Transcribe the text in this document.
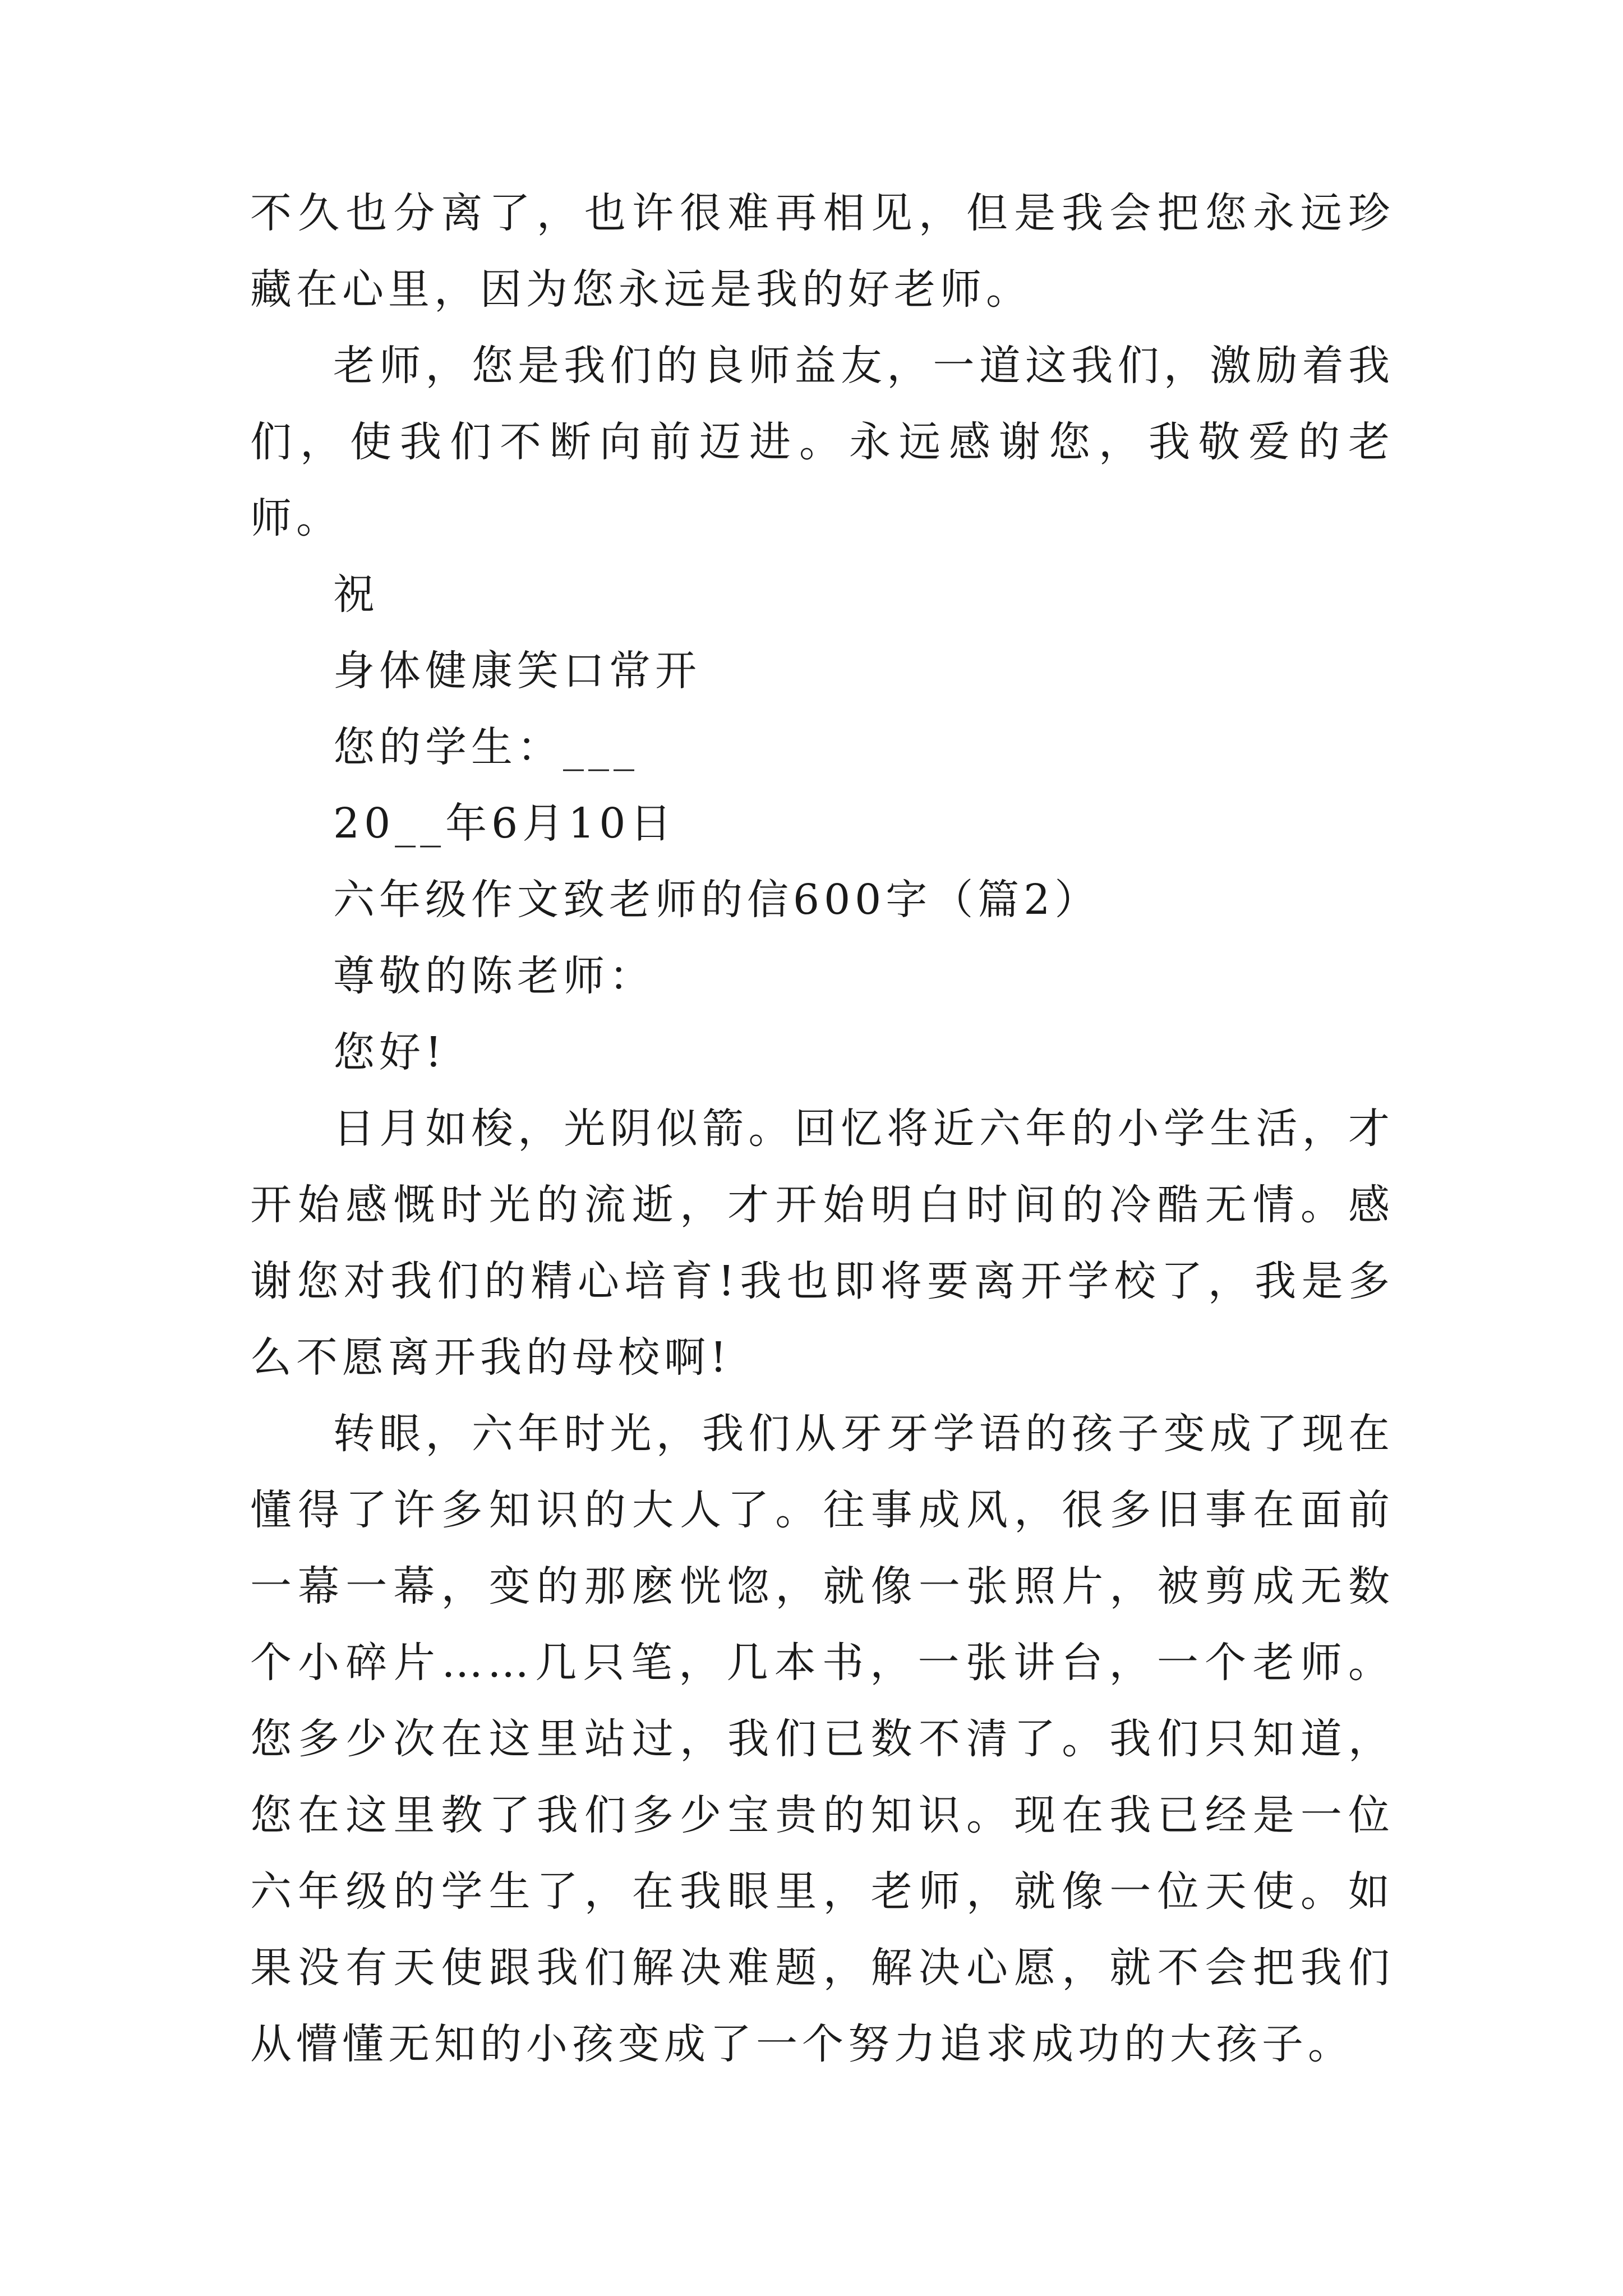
不久也分离了，也许很难再相见，但是我会把您永远珍藏在心里，因为您永远是我的好老师。

老师，您是我们的良师益友，一道这我们，激励着我们，使我们不断向前迈进。永远感谢您，我敬爱的老师。

祝

身体健康笑口常开

您的学生：___

20__年6月10日

六年级作文致老师的信600字（篇2）

尊敬的陈老师：

您好!

日月如梭，光阴似箭。回忆将近六年的小学生活，才开始感慨时光的流逝，才开始明白时间的冷酷无情。感谢您对我们的精心培育!我也即将要离开学校了，我是多么不愿离开我的母校啊!

转眼，六年时光，我们从牙牙学语的孩子变成了现在懂得了许多知识的大人了。往事成风，很多旧事在面前一幕一幕，变的那麽恍惚，就像一张照片，被剪成无数个小碎片……几只笔，几本书，一张讲台，一个老师。您多少次在这里站过，我们已数不清了。我们只知道，您在这里教了我们多少宝贵的知识。现在我已经是一位六年级的学生了，在我眼里，老师，就像一位天使。如果没有天使跟我们解决难题，解决心愿，就不会把我们从懵懂无知的小孩变成了一个努力追求成功的大孩子。
